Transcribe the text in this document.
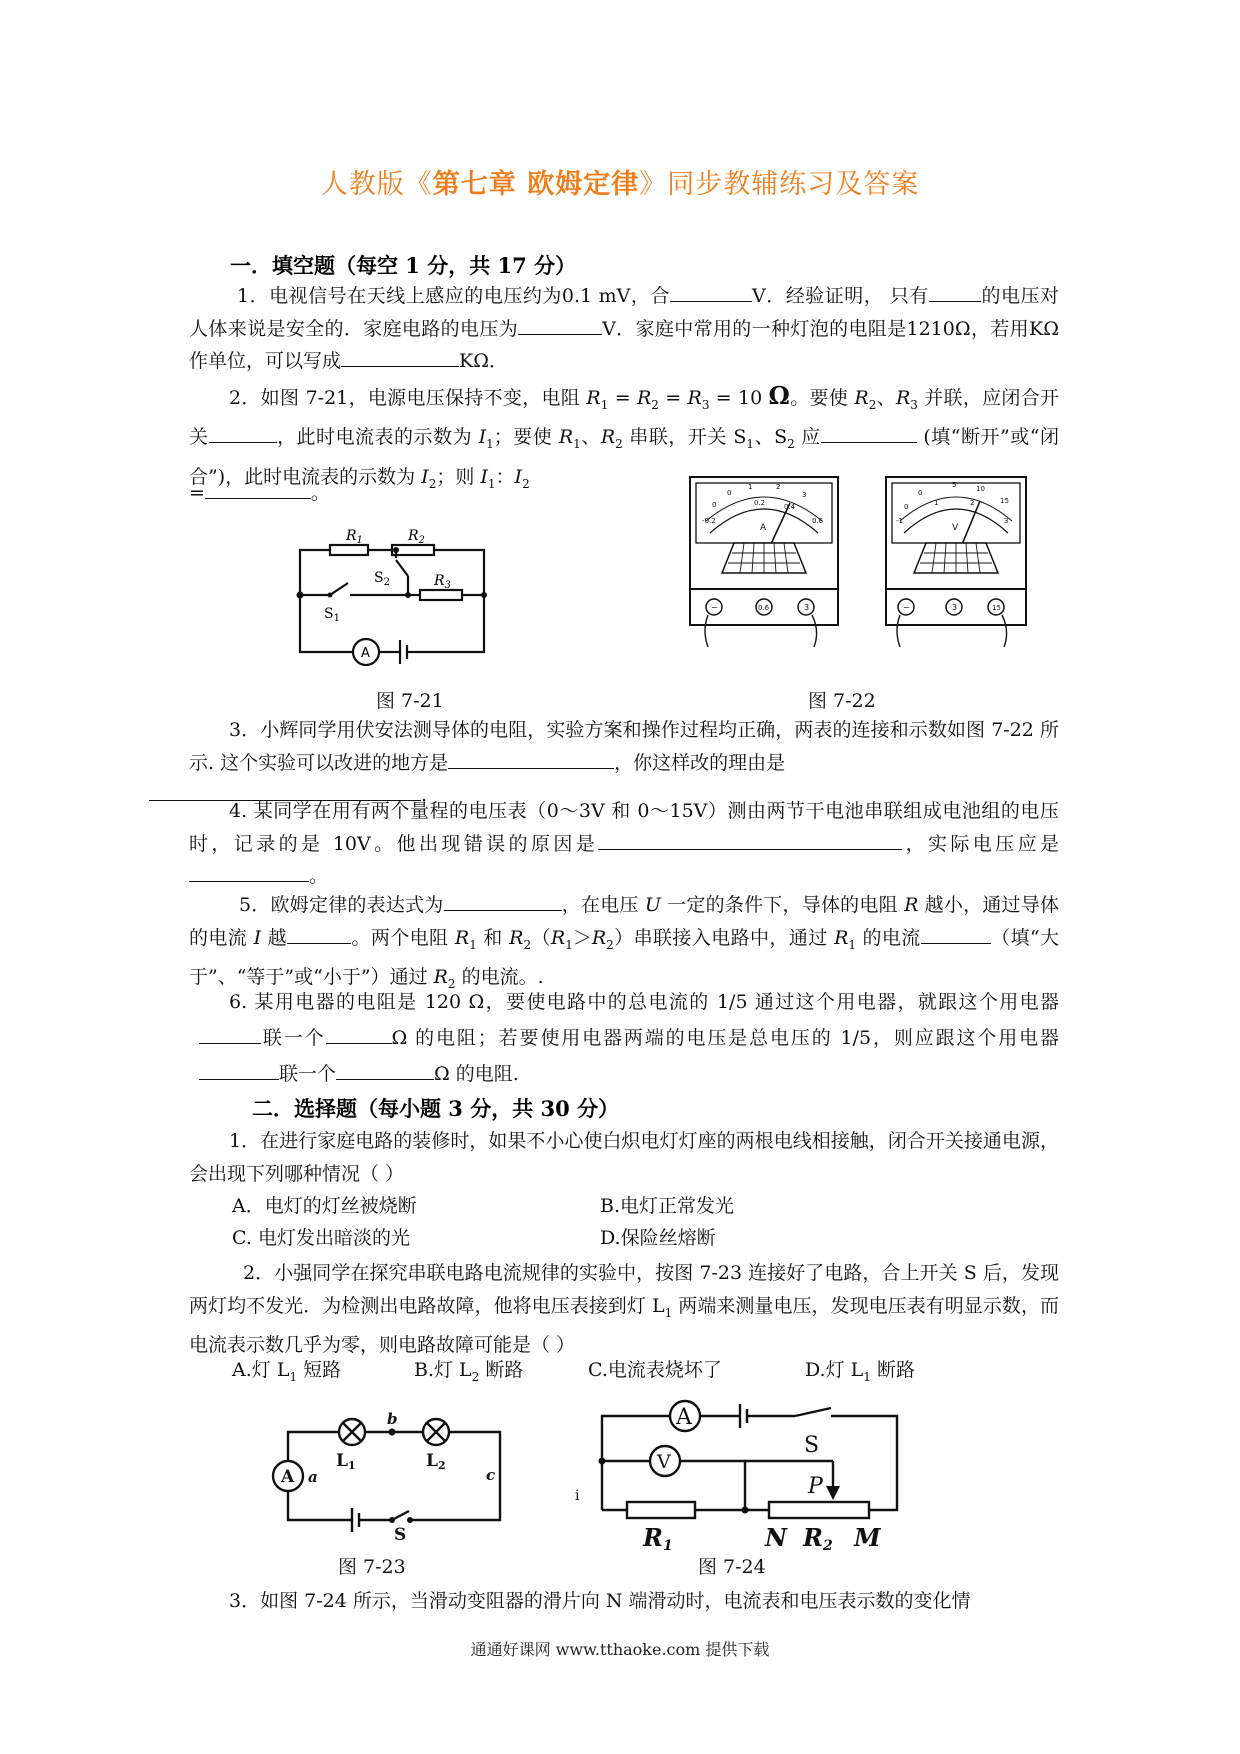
人教版《第七章 欧姆定律》同步教辅练习及答案
一．填空题（每空 1 分，共 17 分）
1．电视信号在天线上感应的电压约为0.1 mV，合	V．经验证明， 只有	的电压对人体来说是安全的．家庭电路的电压为	V．家庭中常用的一种灯泡的电阻是1210Ω，若用KΩ作单位，可以写成	KΩ．
2．如图 7-21，电源电压保持不变，电阻 $R_1 = R_2 = R_3 = 10$ Ω。要使 $R_2$、$R_3$ 并联，应闭合开关	，此时电流表的示数为 $I_1$；要使 $R_1$、$R_2$ 串联，开关 $S_1$、$S_2$ 应	(填“断开”或“闭合”)，此时电流表的示数为 $I_2$；则 $I_1$：$I_2$
=	。
$R_1$	$R_2$
$R_3$
$S_2$
$S_1$
A
图 7-21
0
1	2
3
0	0.2	0.4
-0.2	0.6
A
−	0.6	3
0
5	10
15
0	1	2
3
-1
V
−	3	15
图 7-22
3．小辉同学用伏安法测导体的电阻，实验方案和操作过程均正确，两表的连接和示数如图 7-22 所示. 这个实验可以改进的地方是	，你这样改的理由是
.
4. 某同学在用有两个量程的电压表（0～3V 和 0～15V）测由两节干电池串联组成电池组的电压时，记录的是 10V。他出现错误的原因是	，实际电压应是。
5．欧姆定律的表达式为	，在电压 U 一定的条件下，导体的电阻 R 越小，通过导体的电流 I 越	。两个电阻 $R_1$ 和 $R_2(R_1>R_2)$串联接入电路中，通过 $R_1$ 的电流	（填“大于”、“等于”或“小于”）通过 $R_2$ 的电流。.
6. 某用电器的电阻是 120 Ω，要使电路中的总电流的 1/5 通过这个用电器，就跟这个用电器联一个	Ω 的电阻；若要使用电器两端的电压是总电压的 1/5，则应跟这个用电器联一个	Ω 的电阻.
二．选择题（每小题 3 分，共 30 分）
1．在进行家庭电路的装修时，如果不小心使白炽电灯灯座的两根电线相接触，闭合开关接通电源，会出现下列哪种情况（ ）
A．电灯的灯丝被烧断	B.电灯正常发光
C. 电灯发出暗淡的光	D.保险丝熔断
2．小强同学在探究串联电路电流规律的实验中，按图 7-23 连接好了电路，合上开关 S 后，发现两灯均不发光．为检测出电路故障，他将电压表接到灯 $L_1$ 两端来测量电压，发现电压表有明显示数，而电流表示数几乎为零，则电路故障可能是（ ）
A.灯 $L_1$ 短路	B.灯 $L_2$ 断路	C.电流表烧坏了	D.灯 $L_1$ 断路
A a
b
c
L1	L2
S
图 7-23
A
V
S
P
R1	N R2 M
i
图 7-24
3．如图 7-24 所示，当滑动变阻器的滑片向 N 端滑动时，电流表和电压表示数的变化情
通通好课网 www.tthaoke.com 提供下载
